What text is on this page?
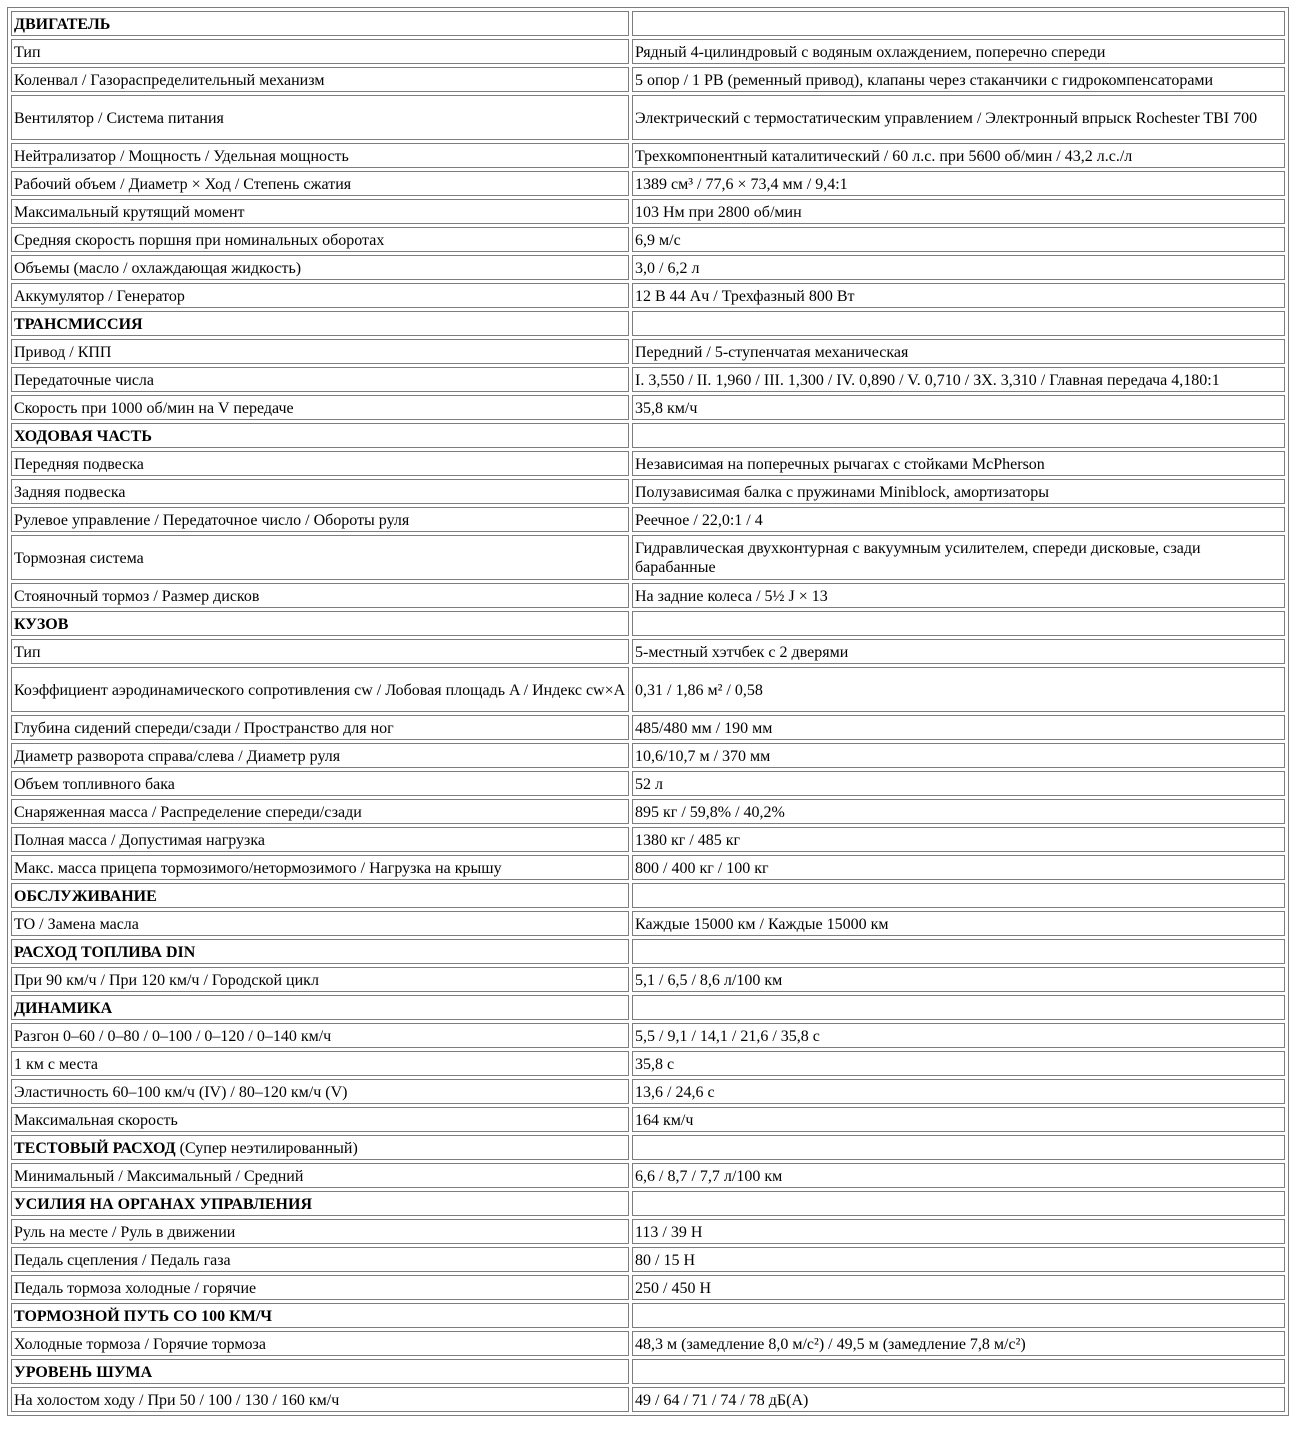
ДВИГАТЕЛЬ	
Тип	Рядный 4-цилиндровый с водяным охлаждением, поперечно спереди
Коленвал / Газораспределительный механизм	5 опор / 1 РВ (ременный привод), клапаны через стаканчики с гидрокомпенсаторами
Вентилятор / Система питания	Электрический с термостатическим управлением / Электронный впрыск Rochester TBI 700
Нейтрализатор / Мощность / Удельная мощность	Трехкомпонентный каталитический / 60 л.с. при 5600 об/мин / 43,2 л.с./л
Рабочий объем / Диаметр × Ход / Степень сжатия	1389 см³ / 77,6 × 73,4 мм / 9,4:1
Максимальный крутящий момент	103 Нм при 2800 об/мин
Средняя скорость поршня при номинальных оборотах	6,9 м/с
Объемы (масло / охлаждающая жидкость)	3,0 / 6,2 л
Аккумулятор / Генератор	12 В 44 Ач / Трехфазный 800 Вт
ТРАНСМИССИЯ	
Привод / КПП	Передний / 5-ступенчатая механическая
Передаточные числа	I. 3,550 / II. 1,960 / III. 1,300 / IV. 0,890 / V. 0,710 / ЗХ. 3,310 / Главная передача 4,180:1
Скорость при 1000 об/мин на V передаче	35,8 км/ч
ХОДОВАЯ ЧАСТЬ	
Передняя подвеска	Независимая на поперечных рычагах с стойками McPherson
Задняя подвеска	Полузависимая балка с пружинами Miniblock, амортизаторы
Рулевое управление / Передаточное число / Обороты руля	Реечное / 22,0:1 / 4
Тормозная система	Гидравлическая двухконтурная с вакуумным усилителем, спереди дисковые, сзади барабанные
Стояночный тормоз / Размер дисков	На задние колеса / 5½ J × 13
КУЗОВ	
Тип	5-местный хэтчбек с 2 дверями
Коэффициент аэродинамического сопротивления cw / Лобовая площадь A / Индекс cw×A	0,31 / 1,86 м² / 0,58
Глубина сидений спереди/сзади / Пространство для ног	485/480 мм / 190 мм
Диаметр разворота справа/слева / Диаметр руля	10,6/10,7 м / 370 мм
Объем топливного бака	52 л
Снаряженная масса / Распределение спереди/сзади	895 кг / 59,8% / 40,2%
Полная масса / Допустимая нагрузка	1380 кг / 485 кг
Макс. масса прицепа тормозимого/нетормозимого / Нагрузка на крышу	800 / 400 кг / 100 кг
ОБСЛУЖИВАНИЕ	
ТО / Замена масла	Каждые 15000 км / Каждые 15000 км
РАСХОД ТОПЛИВА DIN	
При 90 км/ч / При 120 км/ч / Городской цикл	5,1 / 6,5 / 8,6 л/100 км
ДИНАМИКА	
Разгон 0–60 / 0–80 / 0–100 / 0–120 / 0–140 км/ч	5,5 / 9,1 / 14,1 / 21,6 / 35,8 с
1 км с места	35,8 с
Эластичность 60–100 км/ч (IV) / 80–120 км/ч (V)	13,6 / 24,6 с
Максимальная скорость	164 км/ч
ТЕСТОВЫЙ РАСХОД (Супер неэтилированный)	
Минимальный / Максимальный / Средний	6,6 / 8,7 / 7,7 л/100 км
УСИЛИЯ НА ОРГАНАХ УПРАВЛЕНИЯ	
Руль на месте / Руль в движении	113 / 39 Н
Педаль сцепления / Педаль газа	80 / 15 Н
Педаль тормоза холодные / горячие	250 / 450 Н
ТОРМОЗНОЙ ПУТЬ СО 100 КМ/Ч	
Холодные тормоза / Горячие тормоза	48,3 м (замедление 8,0 м/с²) / 49,5 м (замедление 7,8 м/с²)
УРОВЕНЬ ШУМА	
На холостом ходу / При 50 / 100 / 130 / 160 км/ч	49 / 64 / 71 / 74 / 78 дБ(A)
